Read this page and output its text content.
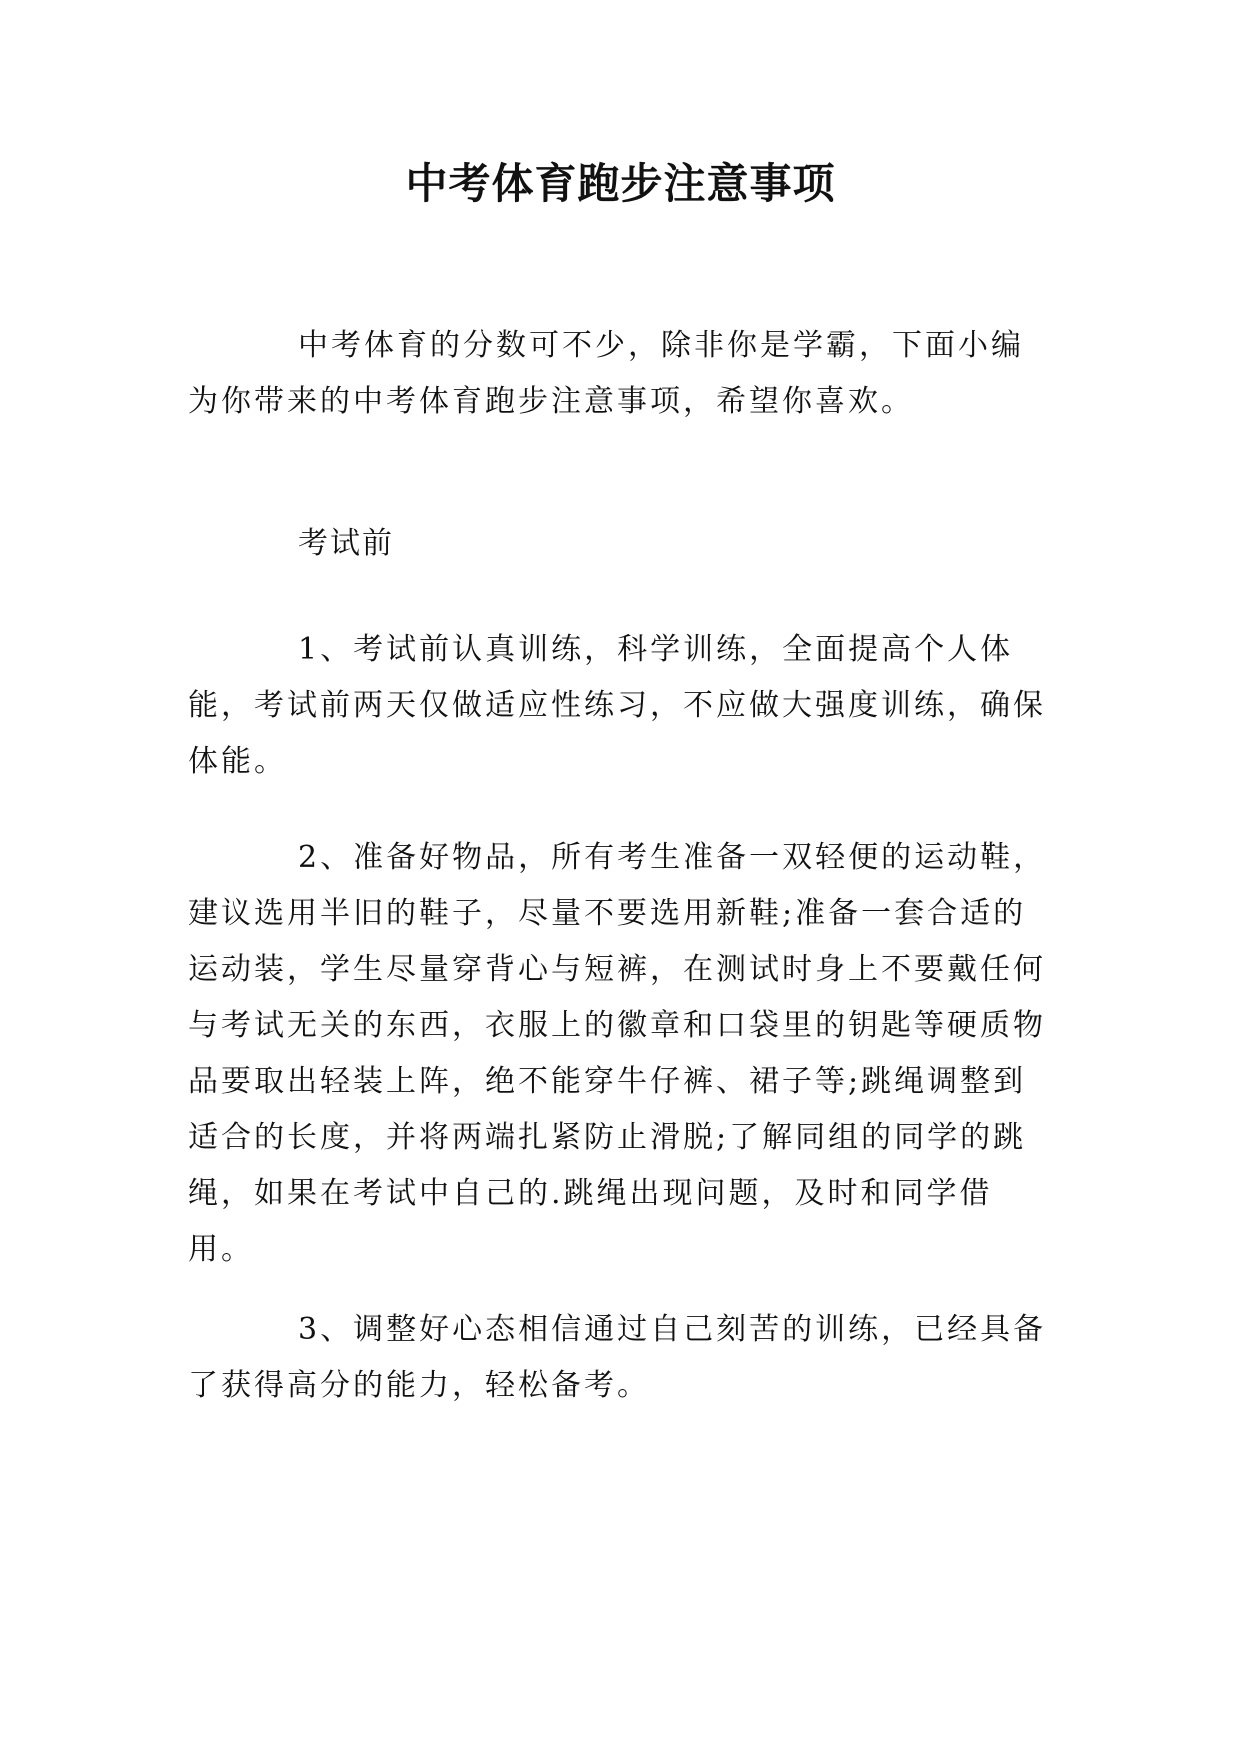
中考体育跑步注意事项
中考体育的分数可不少，除非你是学霸，下面小编为你带来的中考体育跑步注意事项，希望你喜欢。
考试前
1、考试前认真训练，科学训练，全面提高个人体能，考试前两天仅做适应性练习，不应做大强度训练，确保体能。
2、准备好物品，所有考生准备一双轻便的运动鞋，建议选用半旧的鞋子，尽量不要选用新鞋;准备一套合适的运动装，学生尽量穿背心与短裤，在测试时身上不要戴任何与考试无关的东西，衣服上的徽章和口袋里的钥匙等硬质物品要取出轻装上阵，绝不能穿牛仔裤、裙子等;跳绳调整到适合的长度，并将两端扎紧防止滑脱;了解同组的同学的跳绳，如果在考试中自己的.跳绳出现问题，及时和同学借用。
3、调整好心态相信通过自己刻苦的训练，已经具备了获得高分的能力，轻松备考。
